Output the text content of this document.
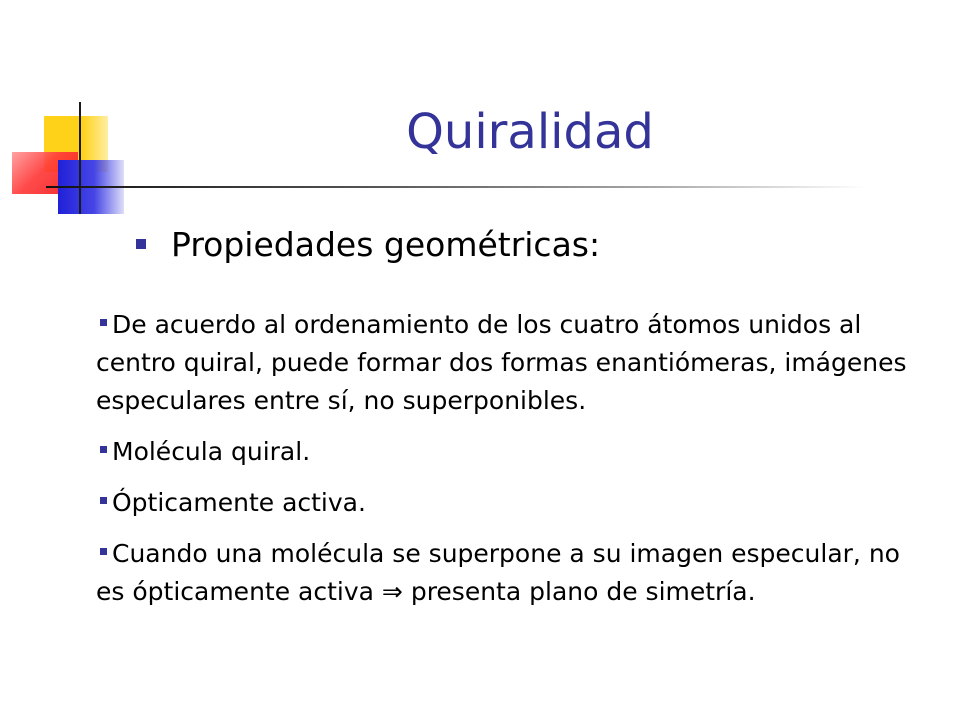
Quiralidad
Propiedades geométricas:
De acuerdo al ordenamiento de los cuatro átomos unidos al centro quiral, puede formar dos formas enantiómeras, imágenes especulares entre sí, no superponibles.
Molécula quiral.
Ópticamente activa.
Cuando una molécula se superpone a su imagen especular, no es ópticamente activa ⇒ presenta plano de simetría.
